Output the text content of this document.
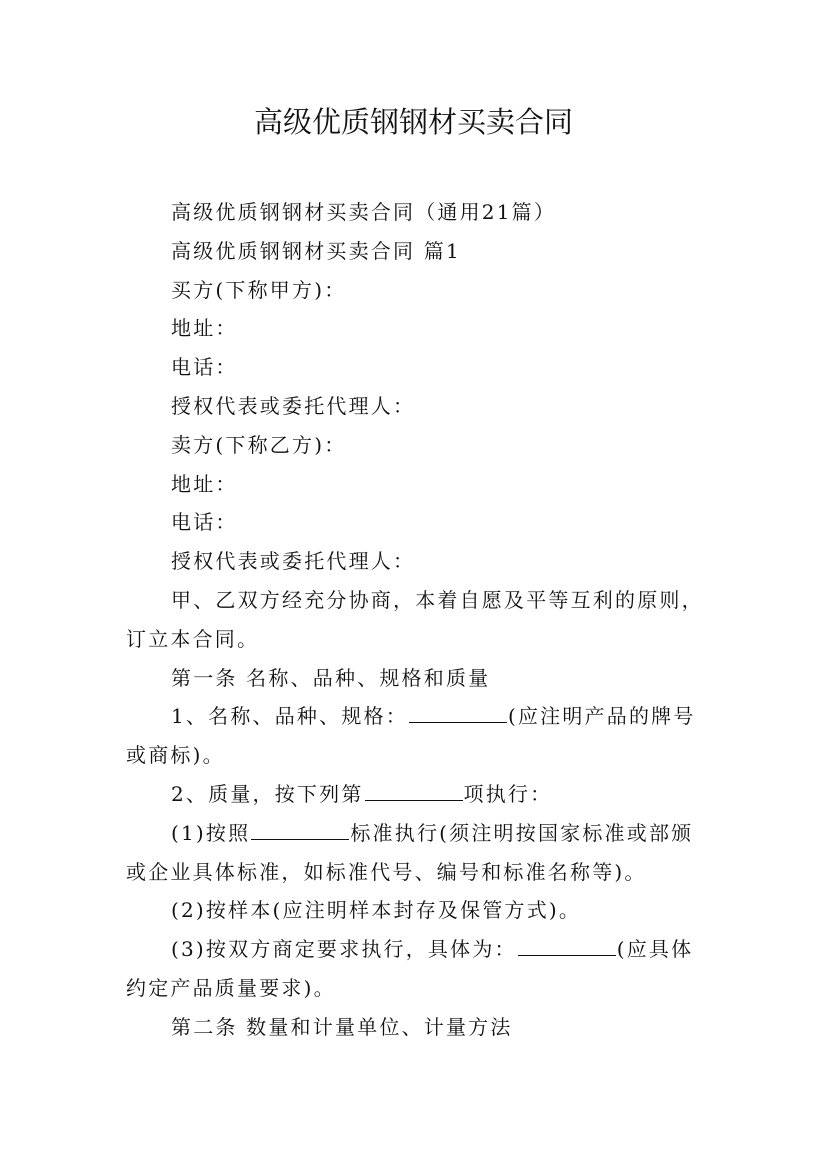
高级优质钢钢材买卖合同
高级优质钢钢材买卖合同（通用21篇）
高级优质钢钢材买卖合同 篇1
买方(下称甲方)：
地址：
电话：
授权代表或委托代理人：
卖方(下称乙方)：
地址：
电话：
授权代表或委托代理人：
甲、乙双方经充分协商，本着自愿及平等互利的原则，
订立本合同。
第一条 名称、品种、规格和质量
1、名称、品种、规格：	(应注明产品的牌号
或商标)。
2、质量，按下列第	项执行：
(1)按照	标准执行(须注明按国家标准或部颁
或企业具体标准，如标准代号、编号和标准名称等)。
(2)按样本(应注明样本封存及保管方式)。
(3)按双方商定要求执行，具体为：	(应具体
约定产品质量要求)。
第二条 数量和计量单位、计量方法
